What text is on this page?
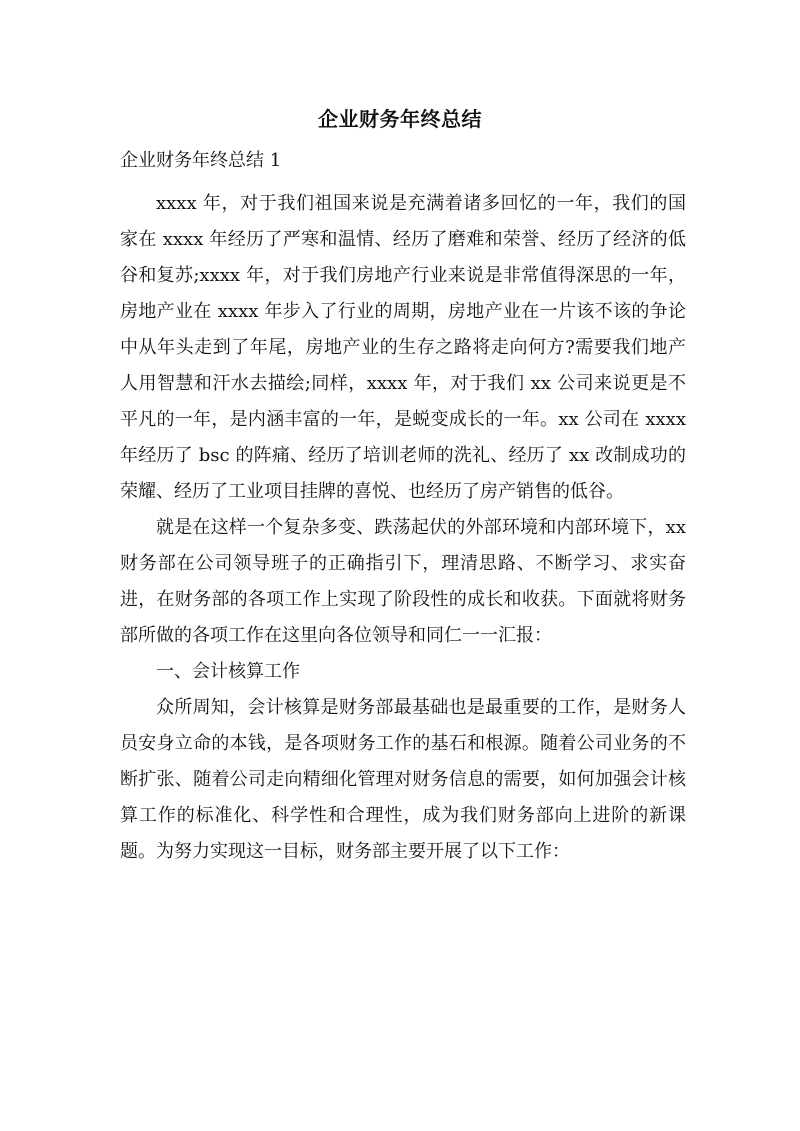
企业财务年终总结
企业财务年终总结 1

xxxx 年，对于我们祖国来说是充满着诸多回忆的一年，我们的国家在 xxxx 年经历了严寒和温情、经历了磨难和荣誉、经历了经济的低谷和复苏;xxxx 年，对于我们房地产行业来说是非常值得深思的一年，房地产业在 xxxx 年步入了行业的周期，房地产业在一片该不该的争论中从年头走到了年尾，房地产业的生存之路将走向何方?需要我们地产人用智慧和汗水去描绘;同样，xxxx 年，对于我们 xx 公司来说更是不平凡的一年，是内涵丰富的一年，是蜕变成长的一年。xx 公司在 xxxx 年经历了 bsc 的阵痛、经历了培训老师的洗礼、经历了 xx 改制成功的荣耀、经历了工业项目挂牌的喜悦、也经历了房产销售的低谷。

就是在这样一个复杂多变、跌荡起伏的外部环境和内部环境下，xx 财务部在公司领导班子的正确指引下，理清思路、不断学习、求实奋进，在财务部的各项工作上实现了阶段性的成长和收获。下面就将财务部所做的各项工作在这里向各位领导和同仁一一汇报：

一、会计核算工作

众所周知，会计核算是财务部最基础也是最重要的工作，是财务人员安身立命的本钱，是各项财务工作的基石和根源。随着公司业务的不断扩张、随着公司走向精细化管理对财务信息的需要，如何加强会计核算工作的标准化、科学性和合理性，成为我们财务部向上进阶的新课题。为努力实现这一目标，财务部主要开展了以下工作：
